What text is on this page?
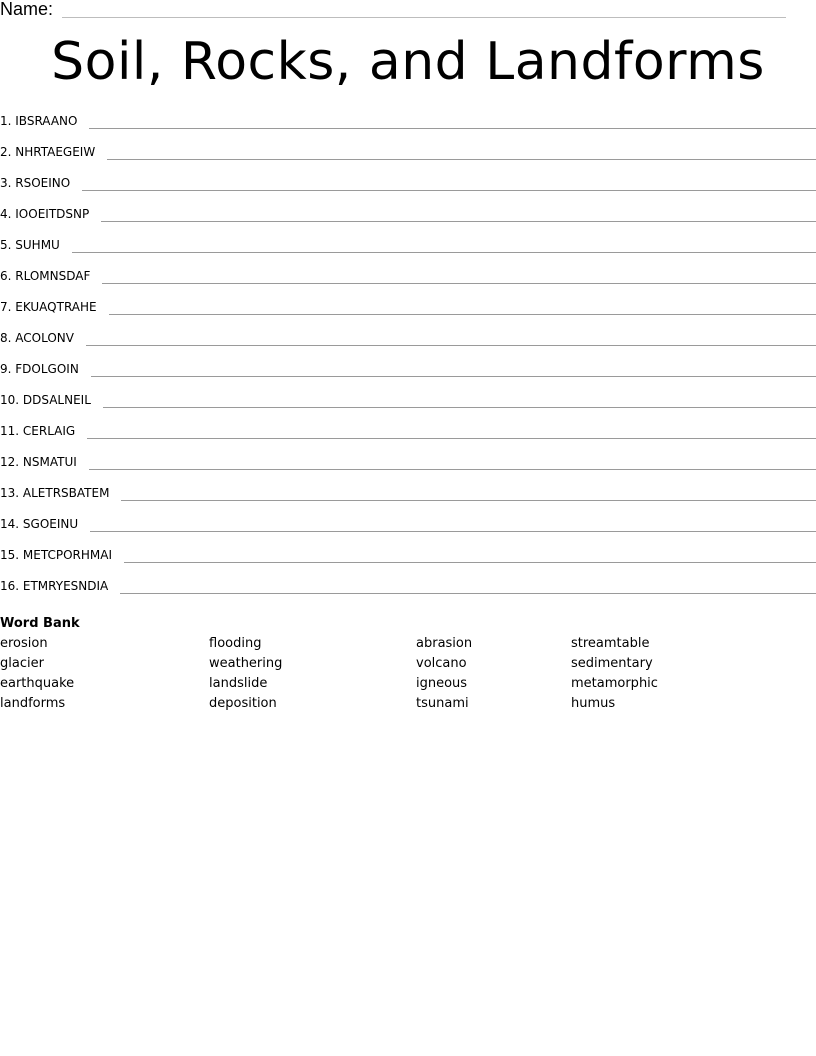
Name:
Soil, Rocks, and Landforms
1. IBSRAANO
2. NHRTAEGEIW
3. RSOEINO
4. IOOEITDSNP
5. SUHMU
6. RLOMNSDAF
7. EKUAQTRAHE
8. ACOLONV
9. FDOLGOIN
10. DDSALNEIL
11. CERLAIG
12. NSMATUI
13. ALETRSBATEM
14. SGOEINU
15. METCPORHMAI
16. ETMRYESNDIA
Word Bank
erosion	flooding	abrasion	streamtable
glacier	weathering	volcano	sedimentary
earthquake	landslide	igneous	metamorphic
landforms	deposition	tsunami	humus
